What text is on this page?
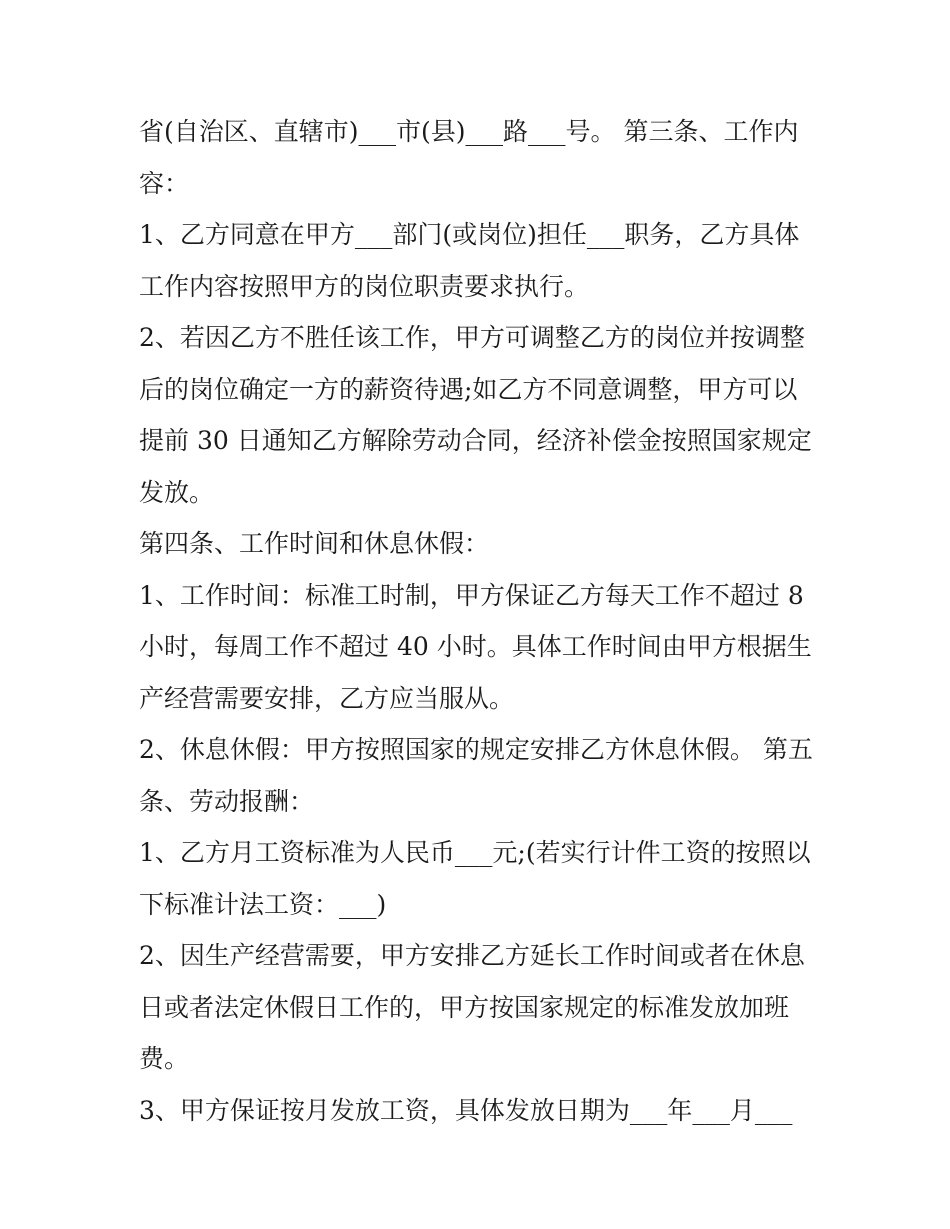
省(自治区、直辖市)___市(县)___路___号。 第三条、工作内

容：

1、乙方同意在甲方___部门(或岗位)担任___职务，乙方具体

工作内容按照甲方的岗位职责要求执行。

2、若因乙方不胜任该工作，甲方可调整乙方的岗位并按调整

后的岗位确定一方的薪资待遇;如乙方不同意调整，甲方可以

提前 30 日通知乙方解除劳动合同，经济补偿金按照国家规定

发放。

第四条、工作时间和休息休假：

1、工作时间：标准工时制，甲方保证乙方每天工作不超过 8

小时，每周工作不超过 40 小时。具体工作时间由甲方根据生

产经营需要安排，乙方应当服从。

2、休息休假：甲方按照国家的规定安排乙方休息休假。 第五

条、劳动报酬：

1、乙方月工资标准为人民币___元;(若实行计件工资的按照以

下标准计法工资：___)

2、因生产经营需要，甲方安排乙方延长工作时间或者在休息

日或者法定休假日工作的，甲方按国家规定的标准发放加班

费。

3、甲方保证按月发放工资，具体发放日期为___年___月___
